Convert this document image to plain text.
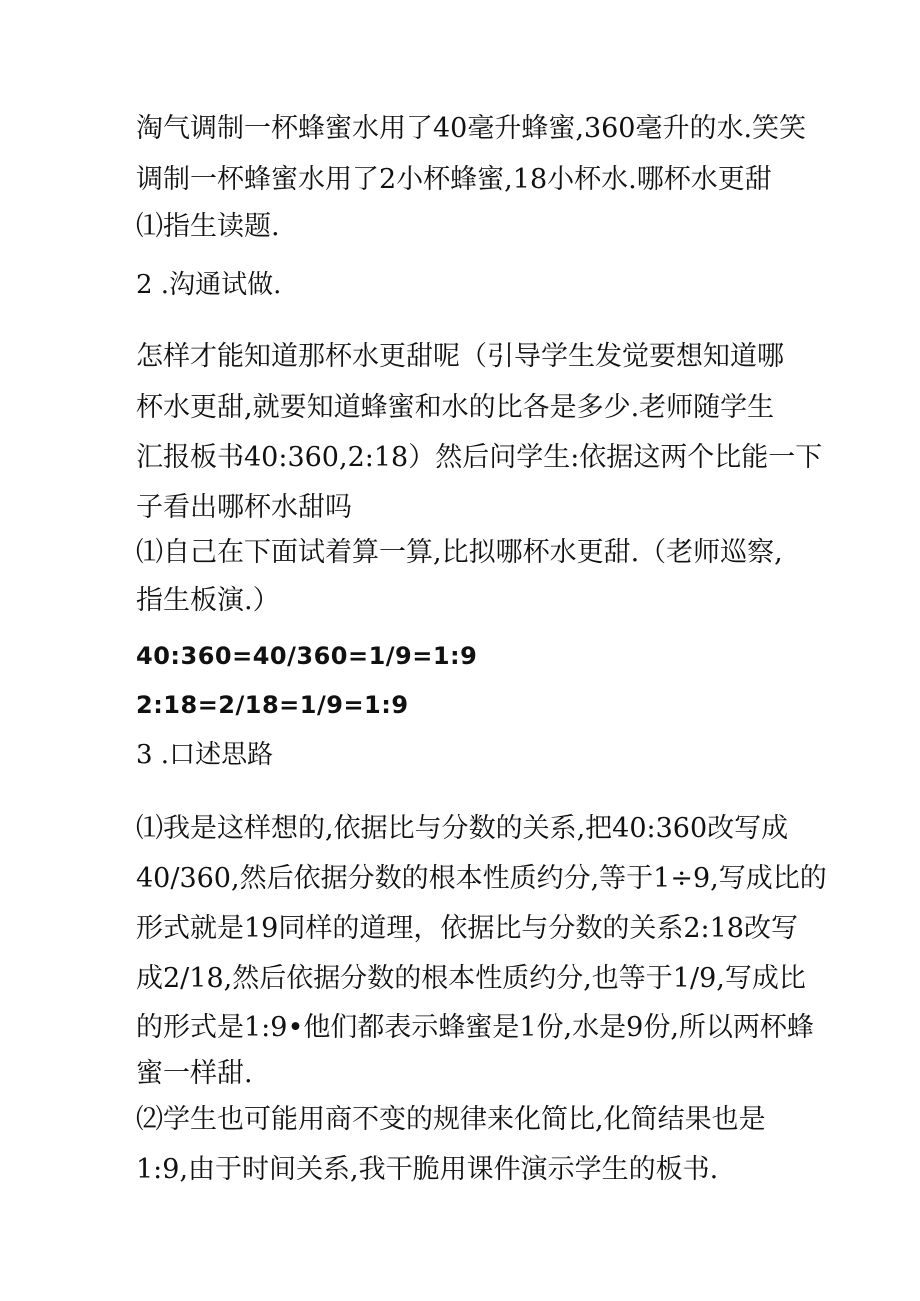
淘气调制一杯蜂蜜水用了40毫升蜂蜜,360毫升的水.笑笑
调制一杯蜂蜜水用了2小杯蜂蜜,18小杯水.哪杯水更甜
⑴指生读题.
2 .沟通试做.
怎样才能知道那杯水更甜呢（引导学生发觉要想知道哪
杯水更甜,就要知道蜂蜜和水的比各是多少.老师随学生
汇报板书40:360,2:18）然后问学生:依据这两个比能一下
子看出哪杯水甜吗
⑴自己在下面试着算一算,比拟哪杯水更甜.（老师巡察,
指生板演.）
40:360=40/360=1/9=1:9
2:18=2/18=1/9=1:9
3 .口述思路
⑴我是这样想的,依据比与分数的关系,把40:360改写成
40/360,然后依据分数的根本性质约分,等于1÷9,写成比的
形式就是19同样的道理，依据比与分数的关系2:18改写
成2/18,然后依据分数的根本性质约分,也等于1/9,写成比
的形式是1:9•他们都表示蜂蜜是1份,水是9份,所以两杯蜂
蜜一样甜.
⑵学生也可能用商不变的规律来化简比,化简结果也是
1:9,由于时间关系,我干脆用课件演示学生的板书.
